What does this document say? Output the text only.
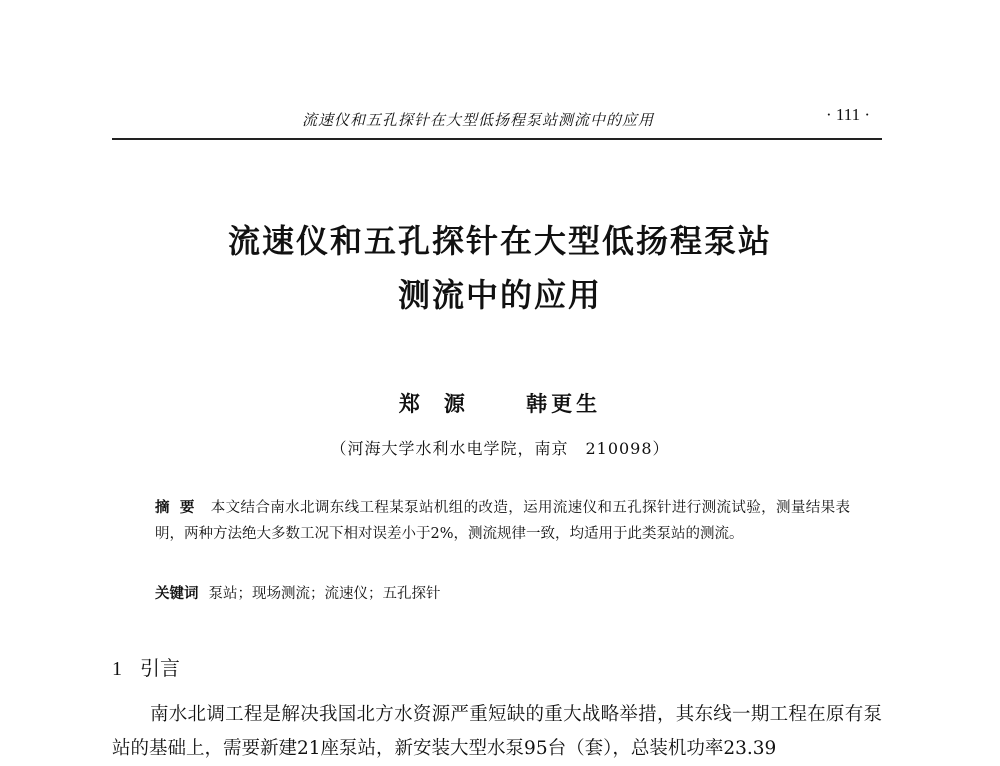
流速仪和五孔探针在大型低扬程泵站测流中的应用	· 111 ·
流速仪和五孔探针在大型低扬程泵站
测流中的应用
郑源 韩更生
（河海大学水利水电学院，南京　210098）
摘要 本文结合南水北调东线工程某泵站机组的改造，运用流速仪和五孔探针进行测流试验，测量结果表明，两种方法绝大多数工况下相对误差小于2%，测流规律一致，均适用于此类泵站的测流。
关键词 泵站；现场测流；流速仪；五孔探针
1 引言
南水北调工程是解决我国北方水资源严重短缺的重大战略举措，其东线一期工程在原有泵站的基础上，需要新建21座泵站，新安装大型水泵95台（套），总装机功率23.39
